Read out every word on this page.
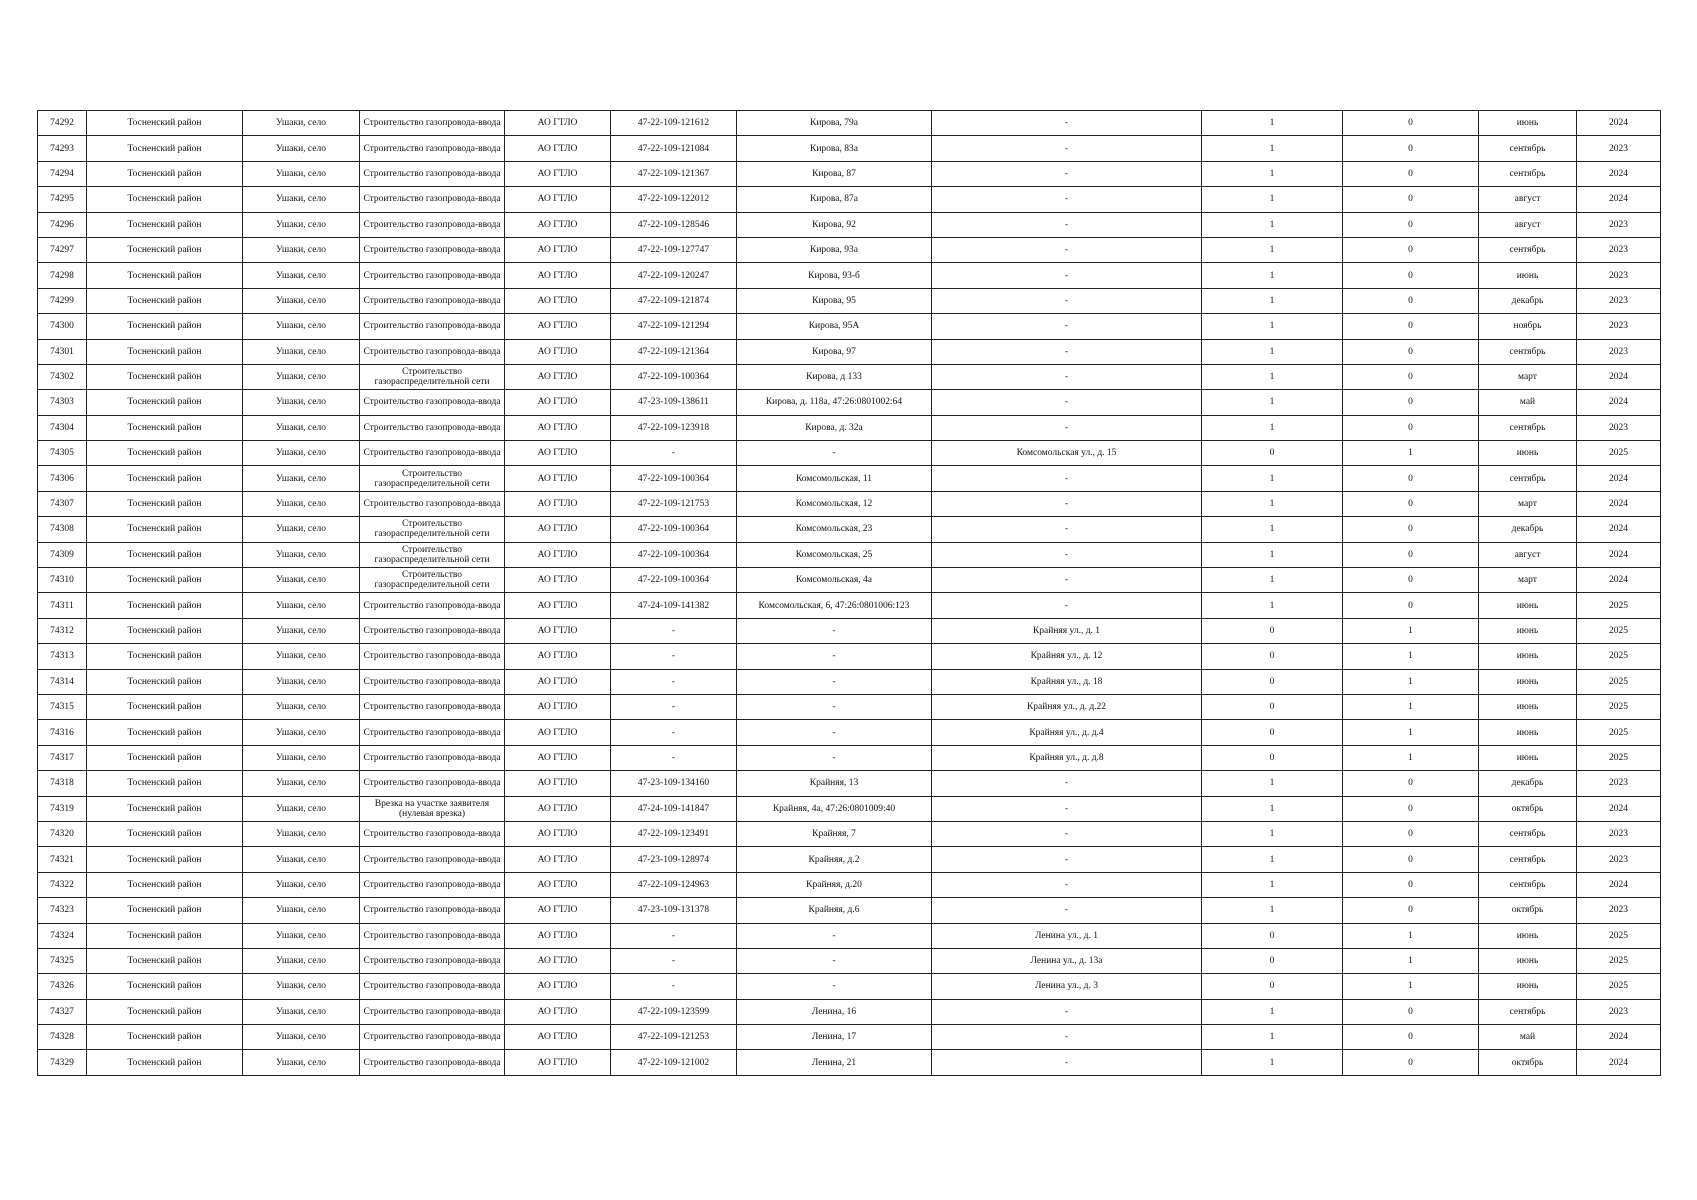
74292	Тосненский район	Ушаки, село	Строительство газопровода-ввода	АО ГТЛО	47-22-109-121612	Кирова, 79а	-	1	0	июнь	2024
74293	Тосненский район	Ушаки, село	Строительство газопровода-ввода	АО ГТЛО	47-22-109-121084	Кирова, 83а	-	1	0	сентябрь	2023
74294	Тосненский район	Ушаки, село	Строительство газопровода-ввода	АО ГТЛО	47-22-109-121367	Кирова, 87	-	1	0	сентябрь	2024
74295	Тосненский район	Ушаки, село	Строительство газопровода-ввода	АО ГТЛО	47-22-109-122012	Кирова, 87а	-	1	0	август	2024
74296	Тосненский район	Ушаки, село	Строительство газопровода-ввода	АО ГТЛО	47-22-109-128546	Кирова, 92	-	1	0	август	2023
74297	Тосненский район	Ушаки, село	Строительство газопровода-ввода	АО ГТЛО	47-22-109-127747	Кирова, 93а	-	1	0	сентябрь	2023
74298	Тосненский район	Ушаки, село	Строительство газопровода-ввода	АО ГТЛО	47-22-109-120247	Кирова, 93-б	-	1	0	июнь	2023
74299	Тосненский район	Ушаки, село	Строительство газопровода-ввода	АО ГТЛО	47-22-109-121874	Кирова, 95	-	1	0	декабрь	2023
74300	Тосненский район	Ушаки, село	Строительство газопровода-ввода	АО ГТЛО	47-22-109-121294	Кирова, 95А	-	1	0	ноябрь	2023
74301	Тосненский район	Ушаки, село	Строительство газопровода-ввода	АО ГТЛО	47-22-109-121364	Кирова, 97	-	1	0	сентябрь	2023
74302	Тосненский район	Ушаки, село	Строительство газораспределительной сети	АО ГТЛО	47-22-109-100364	Кирова, д 133	-	1	0	март	2024
74303	Тосненский район	Ушаки, село	Строительство газопровода-ввода	АО ГТЛО	47-23-109-138611	Кирова, д. 118а, 47:26:0801002:64	-	1	0	май	2024
74304	Тосненский район	Ушаки, село	Строительство газопровода-ввода	АО ГТЛО	47-22-109-123918	Кирова, д. 32а	-	1	0	сентябрь	2023
74305	Тосненский район	Ушаки, село	Строительство газопровода-ввода	АО ГТЛО	-	-	Комсомольская ул., д. 15	0	1	июнь	2025
74306	Тосненский район	Ушаки, село	Строительство газораспределительной сети	АО ГТЛО	47-22-109-100364	Комсомольская, 11	-	1	0	сентябрь	2024
74307	Тосненский район	Ушаки, село	Строительство газопровода-ввода	АО ГТЛО	47-22-109-121753	Комсомольская, 12	-	1	0	март	2024
74308	Тосненский район	Ушаки, село	Строительство газораспределительной сети	АО ГТЛО	47-22-109-100364	Комсомольская, 23	-	1	0	декабрь	2024
74309	Тосненский район	Ушаки, село	Строительство газораспределительной сети	АО ГТЛО	47-22-109-100364	Комсомольская, 25	-	1	0	август	2024
74310	Тосненский район	Ушаки, село	Строительство газораспределительной сети	АО ГТЛО	47-22-109-100364	Комсомольская, 4а	-	1	0	март	2024
74311	Тосненский район	Ушаки, село	Строительство газопровода-ввода	АО ГТЛО	47-24-109-141382	Комсомольская, 6, 47:26:0801006:123	-	1	0	июнь	2025
74312	Тосненский район	Ушаки, село	Строительство газопровода-ввода	АО ГТЛО	-	-	Крайняя ул., д. 1	0	1	июнь	2025
74313	Тосненский район	Ушаки, село	Строительство газопровода-ввода	АО ГТЛО	-	-	Крайняя ул., д. 12	0	1	июнь	2025
74314	Тосненский район	Ушаки, село	Строительство газопровода-ввода	АО ГТЛО	-	-	Крайняя ул., д. 18	0	1	июнь	2025
74315	Тосненский район	Ушаки, село	Строительство газопровода-ввода	АО ГТЛО	-	-	Крайняя ул., д. д.22	0	1	июнь	2025
74316	Тосненский район	Ушаки, село	Строительство газопровода-ввода	АО ГТЛО	-	-	Крайняя ул., д. д.4	0	1	июнь	2025
74317	Тосненский район	Ушаки, село	Строительство газопровода-ввода	АО ГТЛО	-	-	Крайняя ул., д. д.8	0	1	июнь	2025
74318	Тосненский район	Ушаки, село	Строительство газопровода-ввода	АО ГТЛО	47-23-109-134160	Крайняя, 13	-	1	0	декабрь	2023
74319	Тосненский район	Ушаки, село	Врезка на участке заявителя (нулевая врезка)	АО ГТЛО	47-24-109-141847	Крайняя, 4а, 47:26:0801009:40	-	1	0	октябрь	2024
74320	Тосненский район	Ушаки, село	Строительство газопровода-ввода	АО ГТЛО	47-22-109-123491	Крайняя, 7	-	1	0	сентябрь	2023
74321	Тосненский район	Ушаки, село	Строительство газопровода-ввода	АО ГТЛО	47-23-109-128974	Крайняя, д.2	-	1	0	сентябрь	2023
74322	Тосненский район	Ушаки, село	Строительство газопровода-ввода	АО ГТЛО	47-22-109-124963	Крайняя, д.20	-	1	0	сентябрь	2024
74323	Тосненский район	Ушаки, село	Строительство газопровода-ввода	АО ГТЛО	47-23-109-131378	Крайняя, д.6	-	1	0	октябрь	2023
74324	Тосненский район	Ушаки, село	Строительство газопровода-ввода	АО ГТЛО	-	-	Ленина ул., д. 1	0	1	июнь	2025
74325	Тосненский район	Ушаки, село	Строительство газопровода-ввода	АО ГТЛО	-	-	Ленина ул., д. 13а	0	1	июнь	2025
74326	Тосненский район	Ушаки, село	Строительство газопровода-ввода	АО ГТЛО	-	-	Ленина ул., д. 3	0	1	июнь	2025
74327	Тосненский район	Ушаки, село	Строительство газопровода-ввода	АО ГТЛО	47-22-109-123599	Ленина, 16	-	1	0	сентябрь	2023
74328	Тосненский район	Ушаки, село	Строительство газопровода-ввода	АО ГТЛО	47-22-109-121253	Ленина, 17	-	1	0	май	2024
74329	Тосненский район	Ушаки, село	Строительство газопровода-ввода	АО ГТЛО	47-22-109-121002	Ленина, 21	-	1	0	октябрь	2024
